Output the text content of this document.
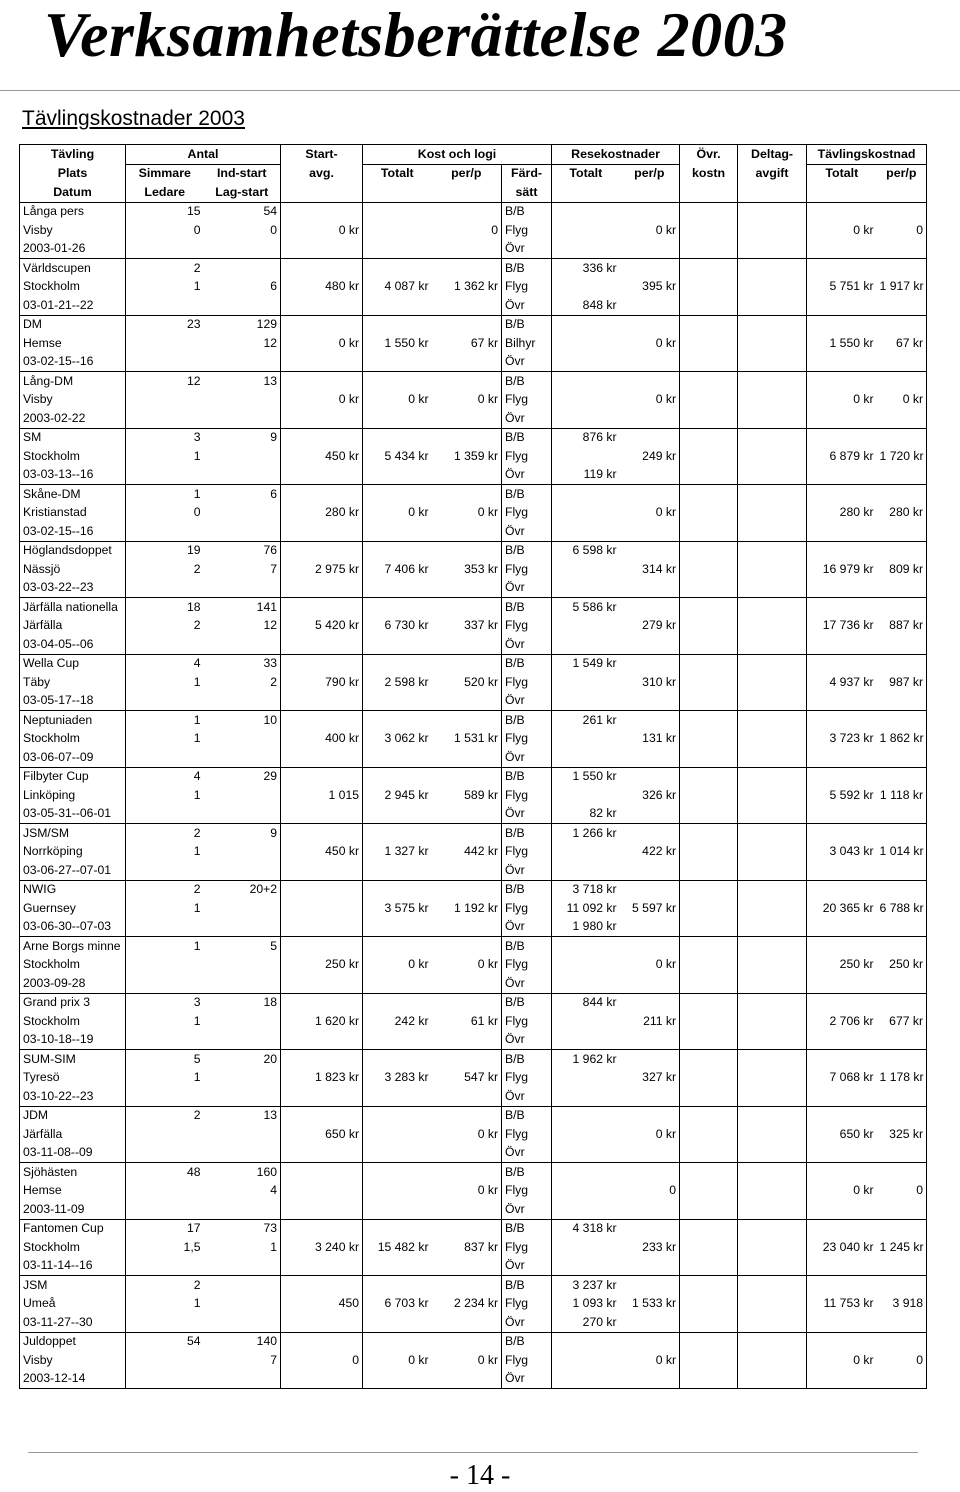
Verksamhetsberättelse 2003
Tävlingskostnader 2003
Tävling	Antal		Start-	Kost och logi			Resekostnader		Övr.	Deltag-	Tävlingskostnad	
Plats	Simmare	Ind-start	avg.	Totalt	per/p	Färd-	Totalt	per/p	kostn	avgift	Totalt	per/p
Datum	Ledare	Lag-start				sätt						
Långa pers	15	54				B/B						
Visby	0	0	0 kr		0	Flyg		0 kr			0 kr	0
2003-01-26						Övr						
Världscupen	2					B/B	336 kr					
Stockholm	1	6	480 kr	4 087 kr	1 362 kr	Flyg		395 kr			5 751 kr	1 917 kr
03-01-21--22						Övr	848 kr					
DM	23	129				B/B						
Hemse		12	0 kr	1 550 kr	67 kr	Bilhyr		0 kr			1 550 kr	67 kr
03-02-15--16						Övr						
Lång-DM	12	13				B/B						
Visby			0 kr	0 kr	0 kr	Flyg		0 kr			0 kr	0 kr
2003-02-22						Övr						
SM	3	9				B/B	876 kr					
Stockholm	1		450 kr	5 434 kr	1 359 kr	Flyg		249 kr			6 879 kr	1 720 kr
03-03-13--16						Övr	119 kr					
Skåne-DM	1	6				B/B						
Kristianstad	0		280 kr	0 kr	0 kr	Flyg		0 kr			280 kr	280 kr
03-02-15--16						Övr						
Höglandsdoppet	19	76				B/B	6 598 kr					
Nässjö	2	7	2 975 kr	7 406 kr	353 kr	Flyg		314 kr			16 979 kr	809 kr
03-03-22--23						Övr						
Järfälla nationella	18	141				B/B	5 586 kr					
Järfälla	2	12	5 420 kr	6 730 kr	337 kr	Flyg		279 kr			17 736 kr	887 kr
03-04-05--06						Övr						
Wella Cup	4	33				B/B	1 549 kr					
Täby	1	2	790 kr	2 598 kr	520 kr	Flyg		310 kr			4 937 kr	987 kr
03-05-17--18						Övr						
Neptuniaden	1	10				B/B	261 kr					
Stockholm	1		400 kr	3 062 kr	1 531 kr	Flyg		131 kr			3 723 kr	1 862 kr
03-06-07--09						Övr						
Filbyter Cup	4	29				B/B	1 550 kr					
Linköping	1		1 015	2 945 kr	589 kr	Flyg		326 kr			5 592 kr	1 118 kr
03-05-31--06-01						Övr	82 kr					
JSM/SM	2	9				B/B	1 266 kr					
Norrköping	1		450 kr	1 327 kr	442 kr	Flyg		422 kr			3 043 kr	1 014 kr
03-06-27--07-01						Övr						
NWIG	2	20+2				B/B	3 718 kr					
Guernsey	1			3 575 kr	1 192 kr	Flyg	11 092 kr	5 597 kr			20 365 kr	6 788 kr
03-06-30--07-03						Övr	1 980 kr					
Arne Borgs minne	1	5				B/B						
Stockholm			250 kr	0 kr	0 kr	Flyg		0 kr			250 kr	250 kr
2003-09-28						Övr						
Grand prix 3	3	18				B/B	844 kr					
Stockholm	1		1 620 kr	242 kr	61 kr	Flyg		211 kr			2 706 kr	677 kr
03-10-18--19						Övr						
SUM-SIM	5	20				B/B	1 962 kr					
Tyresö	1		1 823 kr	3 283 kr	547 kr	Flyg		327 kr			7 068 kr	1 178 kr
03-10-22--23						Övr						
JDM	2	13				B/B						
Järfälla			650 kr		0 kr	Flyg		0 kr			650 kr	325 kr
03-11-08--09						Övr						
Sjöhästen	48	160				B/B						
Hemse		4			0 kr	Flyg		0			0 kr	0
2003-11-09						Övr						
Fantomen Cup	17	73				B/B	4 318 kr					
Stockholm	1,5	1	3 240 kr	15 482 kr	837 kr	Flyg		233 kr			23 040 kr	1 245 kr
03-11-14--16						Övr						
JSM	2					B/B	3 237 kr					
Umeå	1		450	6 703 kr	2 234 kr	Flyg	1 093 kr	1 533 kr			11 753 kr	3 918
03-11-27--30						Övr	270 kr					
Juldoppet	54	140				B/B						
Visby		7	0	0 kr	0 kr	Flyg		0 kr			0 kr	0
2003-12-14						Övr						
- 14 -
